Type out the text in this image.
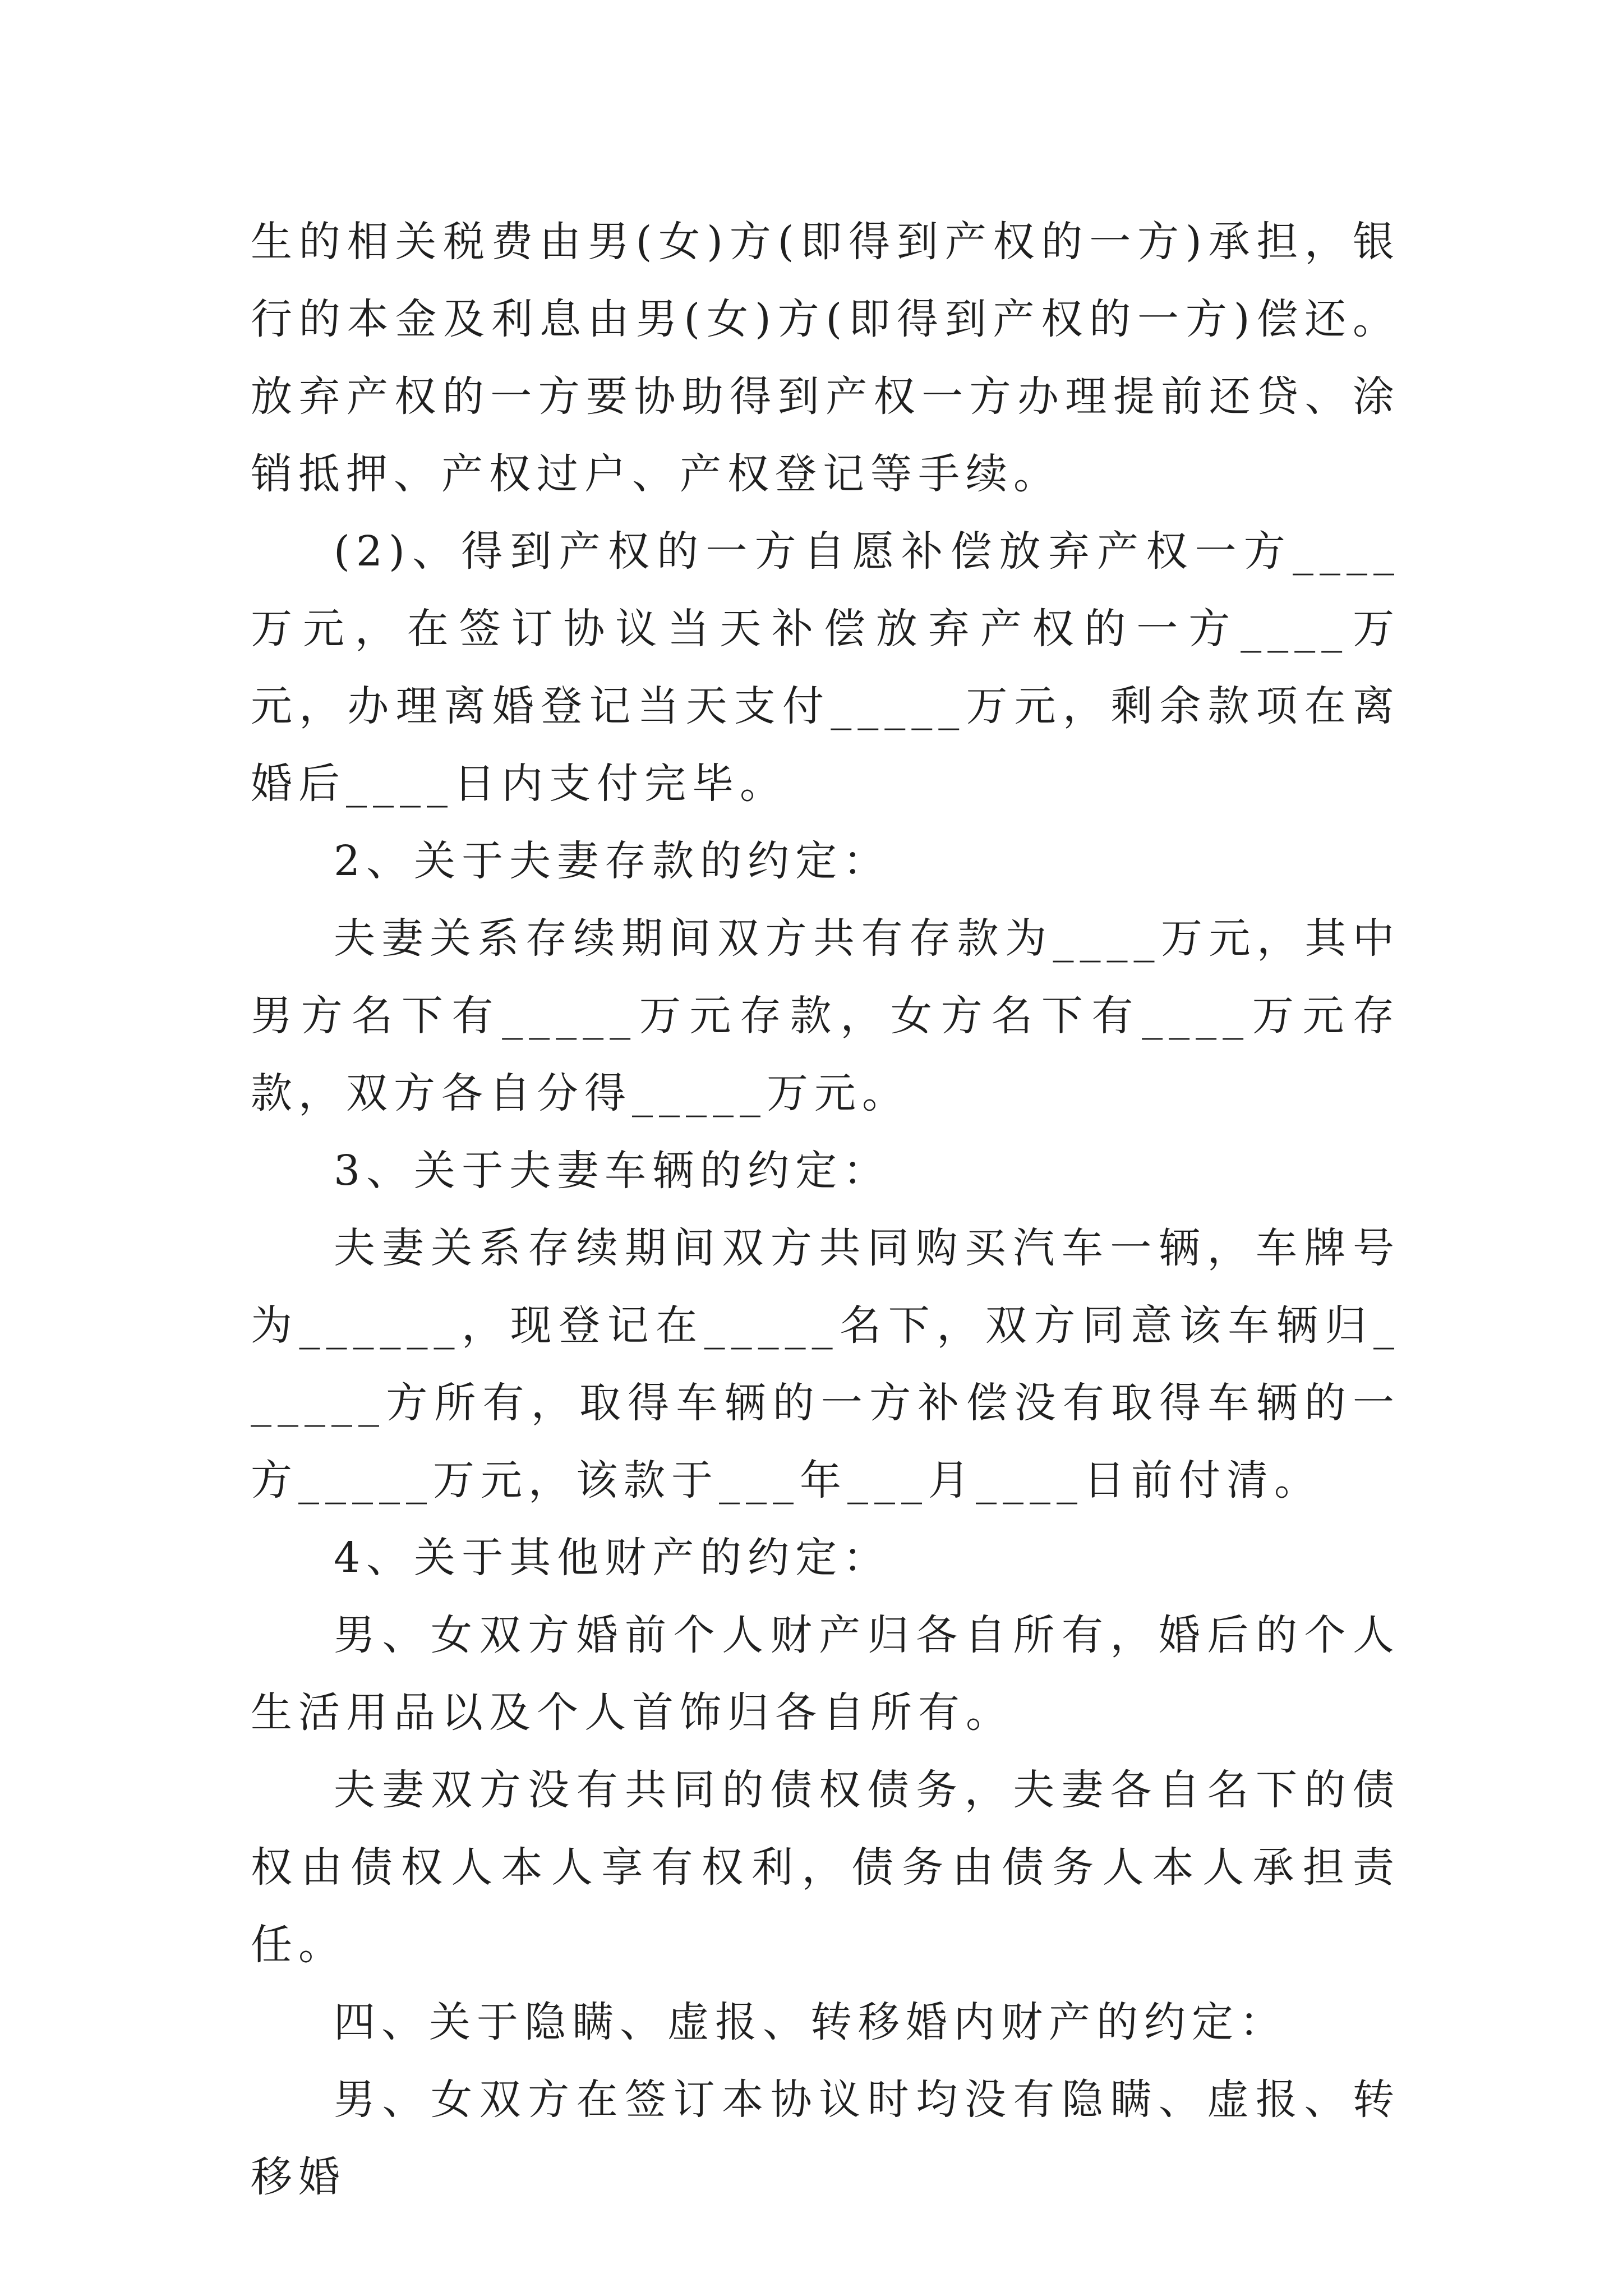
生的相关税费由男(女)方(即得到产权的一方)承担，银行的本金及利息由男(女)方(即得到产权的一方)偿还。放弃产权的一方要协助得到产权一方办理提前还贷、涂销抵押、产权过户、产权登记等手续。

(2)、得到产权的一方自愿补偿放弃产权一方____万元，在签订协议当天补偿放弃产权的一方____万元，办理离婚登记当天支付_____万元，剩余款项在离婚后____日内支付完毕。

2、关于夫妻存款的约定：

夫妻关系存续期间双方共有存款为____万元，其中男方名下有_____万元存款，女方名下有____万元存款，双方各自分得_____万元。

3、关于夫妻车辆的约定：

夫妻关系存续期间双方共同购买汽车一辆，车牌号为______，现登记在_____名下，双方同意该车辆归______方所有，取得车辆的一方补偿没有取得车辆的一方_____万元，该款于___年___月____日前付清。

4、关于其他财产的约定：

男、女双方婚前个人财产归各自所有，婚后的个人生活用品以及个人首饰归各自所有。

夫妻双方没有共同的债权债务，夫妻各自名下的债权由债权人本人享有权利，债务由债务人本人承担责任。

四、关于隐瞒、虚报、转移婚内财产的约定：

男、女双方在签订本协议时均没有隐瞒、虚报、转移婚
